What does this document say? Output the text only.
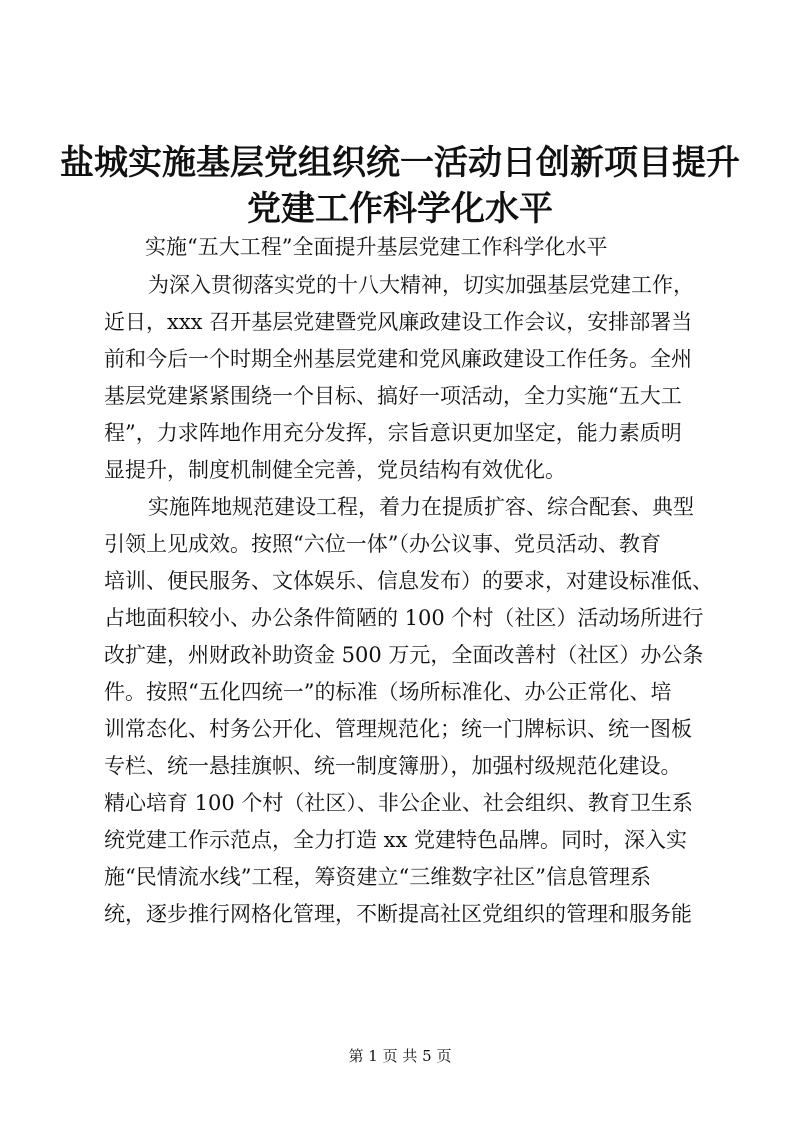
盐城实施基层党组织统一活动日创新项目提升
党建工作科学化水平

实施“五大工程”全面提升基层党建工作科学化水平

为深入贯彻落实党的十八大精神，切实加强基层党建工作，

近日，xxx 召开基层党建暨党风廉政建设工作会议，安排部署当

前和今后一个时期全州基层党建和党风廉政建设工作任务。全州

基层党建紧紧围绕一个目标、搞好一项活动，全力实施“五大工

程”，力求阵地作用充分发挥，宗旨意识更加坚定，能力素质明

显提升，制度机制健全完善，党员结构有效优化。

实施阵地规范建设工程，着力在提质扩容、综合配套、典型

引领上见成效。按照“六位一体”（办公议事、党员活动、教育

培训、便民服务、文体娱乐、信息发布）的要求，对建设标准低、

占地面积较小、办公条件简陋的 100 个村（社区）活动场所进行

改扩建，州财政补助资金 500 万元，全面改善村（社区）办公条

件。按照“五化四统一”的标准（场所标准化、办公正常化、培

训常态化、村务公开化、管理规范化；统一门牌标识、统一图板

专栏、统一悬挂旗帜、统一制度簿册），加强村级规范化建设。

精心培育 100 个村（社区）、非公企业、社会组织、教育卫生系

统党建工作示范点，全力打造 xx 党建特色品牌。同时，深入实

施“民情流水线”工程，筹资建立“三维数字社区”信息管理系

统，逐步推行网格化管理，不断提高社区党组织的管理和服务能

第 1 页 共 5 页
